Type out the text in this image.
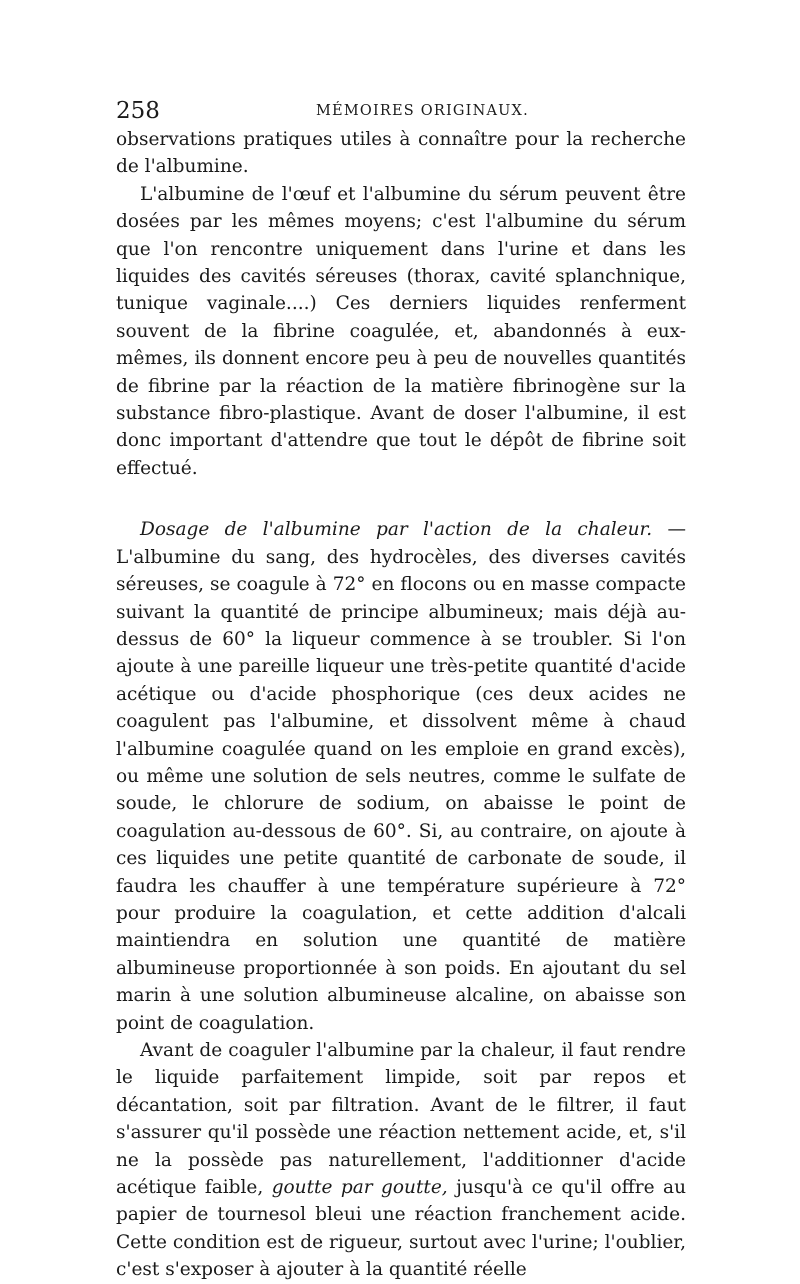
258	MÉMOIRES ORIGINAUX.

observations pratiques utiles à connaître pour la recherche de l'albumine.

L'albumine de l'œuf et l'albumine du sérum peuvent être dosées par les mêmes moyens; c'est l'albumine du sérum que l'on rencontre uniquement dans l'urine et dans les liquides des cavités séreuses (thorax, cavité splanchnique, tunique vaginale....) Ces derniers liquides renferment souvent de la fibrine coagulée, et, abandonnés à eux-mêmes, ils donnent encore peu à peu de nouvelles quantités de fibrine par la réaction de la matière fibrinogène sur la substance fibro-plastique. Avant de doser l'albumine, il est donc important d'attendre que tout le dépôt de fibrine soit effectué.

Dosage de l'albumine par l'action de la chaleur. — L'albumine du sang, des hydrocèles, des diverses cavités séreuses, se coagule à 72° en flocons ou en masse compacte suivant la quantité de principe albumineux; mais déjà au-dessus de 60° la liqueur commence à se troubler. Si l'on ajoute à une pareille liqueur une très-petite quantité d'acide acétique ou d'acide phosphorique (ces deux acides ne coagulent pas l'albumine, et dissolvent même à chaud l'albumine coagulée quand on les emploie en grand excès), ou même une solution de sels neutres, comme le sulfate de soude, le chlorure de sodium, on abaisse le point de coagulation au-dessous de 60°. Si, au contraire, on ajoute à ces liquides une petite quantité de carbonate de soude, il faudra les chauffer à une température supérieure à 72° pour produire la coagulation, et cette addition d'alcali maintiendra en solution une quantité de matière albumineuse proportionnée à son poids. En ajoutant du sel marin à une solution albumineuse alcaline, on abaisse son point de coagulation.

Avant de coaguler l'albumine par la chaleur, il faut rendre le liquide parfaitement limpide, soit par repos et décantation, soit par filtration. Avant de le filtrer, il faut s'assurer qu'il possède une réaction nettement acide, et, s'il ne la possède pas naturellement, l'additionner d'acide acétique faible, goutte par goutte, jusqu'à ce qu'il offre au papier de tournesol bleui une réaction franchement acide. Cette condition est de rigueur, surtout avec l'urine; l'oublier, c'est s'exposer à ajouter à la quantité réelle
